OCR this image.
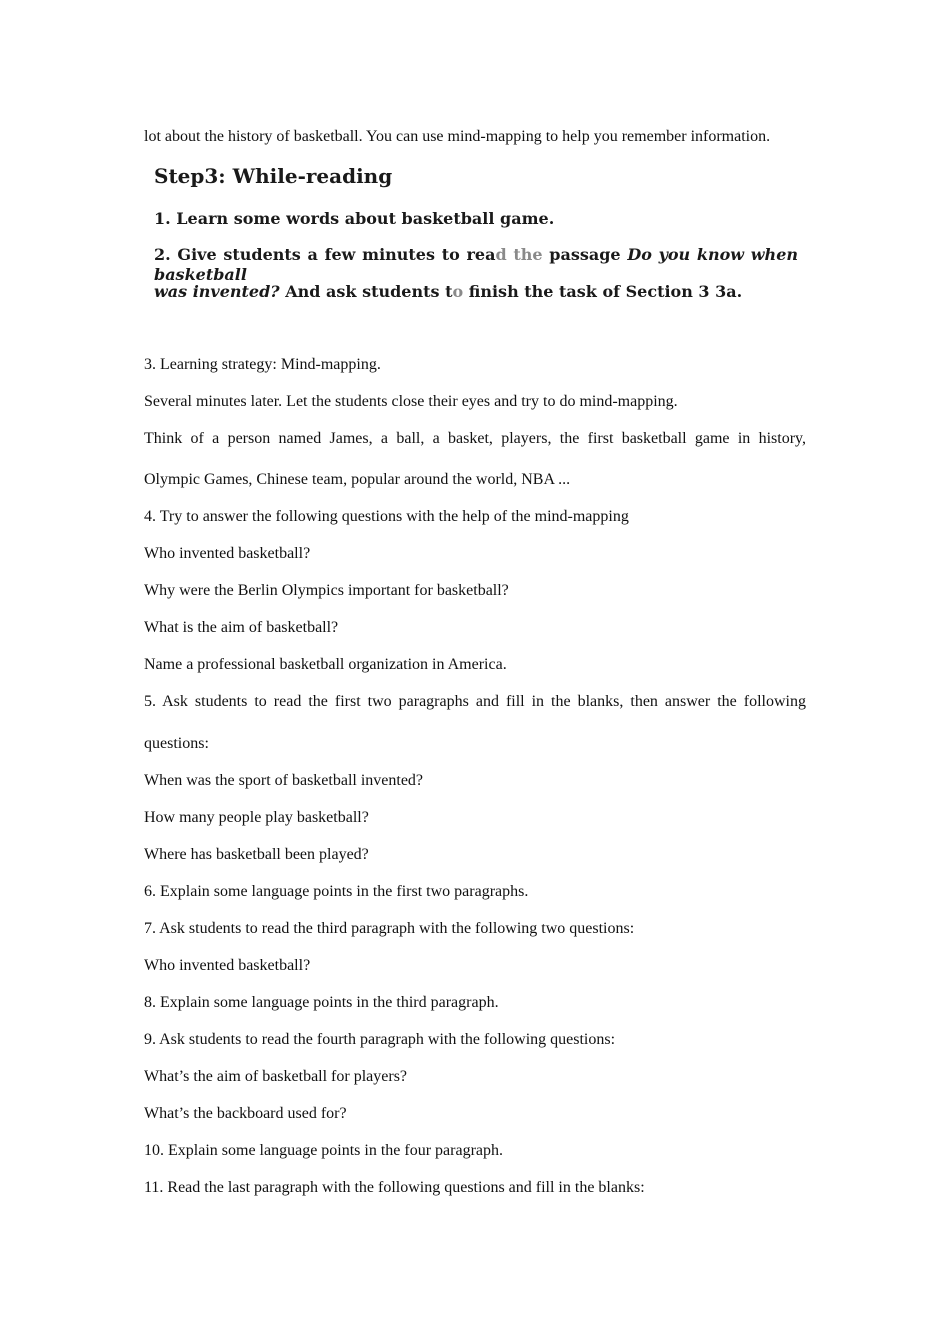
lot about the history of basketball. You can use mind-mapping to help you remember information.
Step3: While-reading
1. Learn some words about basketball game.
2. Give students a few minutes to read the passage Do you know when basketball
was invented? And ask students to finish the task of Section 3 3a.
3. Learning strategy: Mind-mapping.
Several minutes later. Let the students close their eyes and try to do mind-mapping.
Think of a person named James, a ball, a basket, players, the first basketball game in history,
Olympic Games, Chinese team, popular around the world, NBA ...
4. Try to answer the following questions with the help of the mind-mapping
Who invented basketball?
Why were the Berlin Olympics important for basketball?
What is the aim of basketball?
Name a professional basketball organization in America.
5. Ask students to read the first two paragraphs and fill in the blanks, then answer the following
questions:
When was the sport of basketball invented?
How many people play basketball?
Where has basketball been played?
6. Explain some language points in the first two paragraphs.
7. Ask students to read the third paragraph with the following two questions:
Who invented basketball?
8. Explain some language points in the third paragraph.
9. Ask students to read the fourth paragraph with the following questions:
What’s the aim of basketball for players?
What’s the backboard used for?
10. Explain some language points in the four paragraph.
11. Read the last paragraph with the following questions and fill in the blanks:
